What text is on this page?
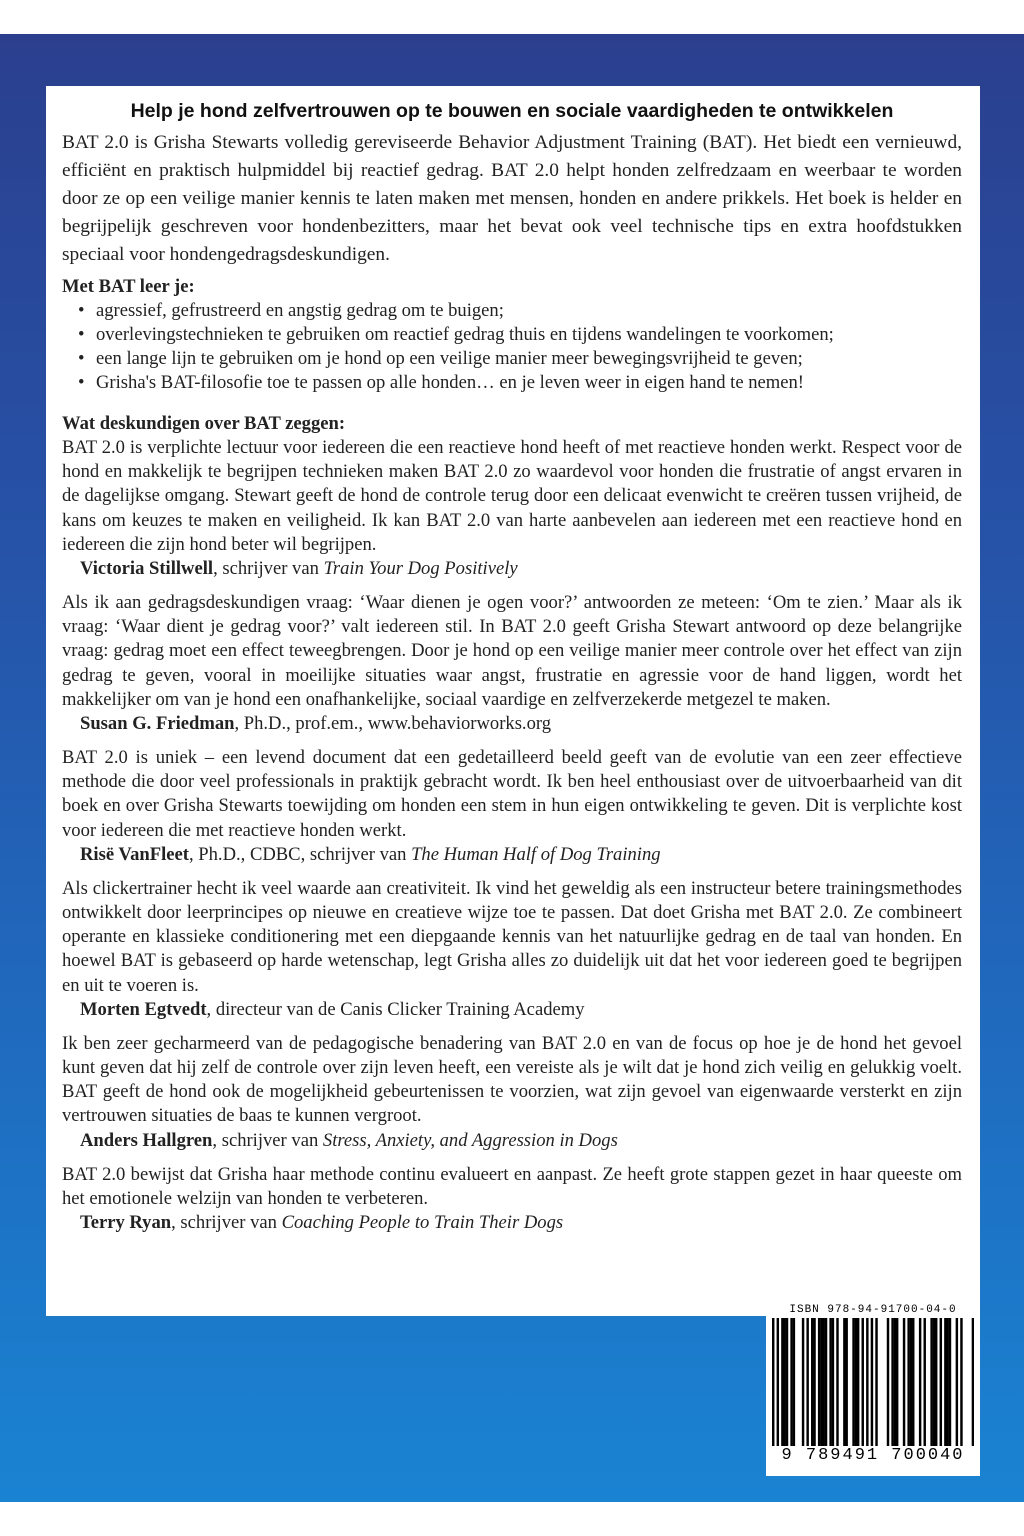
Help je hond zelfvertrouwen op te bouwen en sociale vaardigheden te ontwikkelen

BAT 2.0 is Grisha Stewarts volledig gereviseerde Behavior Adjustment Training (BAT). Het biedt een vernieuwd, efficiënt en praktisch hulpmiddel bij reactief gedrag. BAT 2.0 helpt honden zelfredzaam en weerbaar te worden door ze op een veilige manier kennis te laten maken met mensen, honden en andere prikkels. Het boek is helder en begrijpelijk geschreven voor hondenbezitters, maar het bevat ook veel technische tips en extra hoofdstukken speciaal voor hondengedragsdeskundigen.

Met BAT leer je:
• agressief, gefrustreerd en angstig gedrag om te buigen;
• overlevingstechnieken te gebruiken om reactief gedrag thuis en tijdens wandelingen te voorkomen;
• een lange lijn te gebruiken om je hond op een veilige manier meer bewegingsvrijheid te geven;
• Grisha's BAT-filosofie toe te passen op alle honden… en je leven weer in eigen hand te nemen!
Wat deskundigen over BAT zeggen:

BAT 2.0 is verplichte lectuur voor iedereen die een reactieve hond heeft of met reactieve honden werkt. Respect voor de hond en makkelijk te begrijpen technieken maken BAT 2.0 zo waardevol voor honden die frustratie of angst ervaren in de dagelijkse omgang. Stewart geeft de hond de controle terug door een delicaat evenwicht te creëren tussen vrijheid, de kans om keuzes te maken en veiligheid. Ik kan BAT 2.0 van harte aanbevelen aan iedereen met een reactieve hond en iedereen die zijn hond beter wil begrijpen.

Victoria Stillwell, schrijver van Train Your Dog Positively

Als ik aan gedragsdeskundigen vraag: ‘Waar dienen je ogen voor?’ antwoorden ze meteen: ‘Om te zien.’ Maar als ik vraag: ‘Waar dient je gedrag voor?’ valt iedereen stil. In BAT 2.0 geeft Grisha Stewart antwoord op deze belangrijke vraag: gedrag moet een effect teweegbrengen. Door je hond op een veilige manier meer controle over het effect van zijn gedrag te geven, vooral in moeilijke situaties waar angst, frustratie en agressie voor de hand liggen, wordt het makkelijker om van je hond een onafhankelijke, sociaal vaardige en zelfverzekerde metgezel te maken.

Susan G. Friedman, Ph.D., prof.em., www.behaviorworks.org

BAT 2.0 is uniek – een levend document dat een gedetailleerd beeld geeft van de evolutie van een zeer effectieve methode die door veel professionals in praktijk gebracht wordt. Ik ben heel enthousiast over de uitvoerbaarheid van dit boek en over Grisha Stewarts toewijding om honden een stem in hun eigen ontwikkeling te geven. Dit is verplichte kost voor iedereen die met reactieve honden werkt.

Risë VanFleet, Ph.D., CDBC, schrijver van The Human Half of Dog Training

Als clickertrainer hecht ik veel waarde aan creativiteit. Ik vind het geweldig als een instructeur betere trainingsmethodes ontwikkelt door leerprincipes op nieuwe en creatieve wijze toe te passen. Dat doet Grisha met BAT 2.0. Ze combineert operante en klassieke conditionering met een diepgaande kennis van het natuurlijke gedrag en de taal van honden. En hoewel BAT is gebaseerd op harde wetenschap, legt Grisha alles zo duidelijk uit dat het voor iedereen goed te begrijpen en uit te voeren is.

Morten Egtvedt, directeur van de Canis Clicker Training Academy

Ik ben zeer gecharmeerd van de pedagogische benadering van BAT 2.0 en van de focus op hoe je de hond het gevoel kunt geven dat hij zelf de controle over zijn leven heeft, een vereiste als je wilt dat je hond zich veilig en gelukkig voelt. BAT geeft de hond ook de mogelijkheid gebeurtenissen te voorzien, wat zijn gevoel van eigenwaarde versterkt en zijn vertrouwen situaties de baas te kunnen vergroot.

Anders Hallgren, schrijver van Stress, Anxiety, and Aggression in Dogs

BAT 2.0 bewijst dat Grisha haar methode continu evalueert en aanpast. Ze heeft grote stappen gezet in haar queeste om het emotionele welzijn van honden te verbeteren.

Terry Ryan, schrijver van Coaching People to Train Their Dogs
ISBN 978-94-91700-04-0
9 789491 700040
